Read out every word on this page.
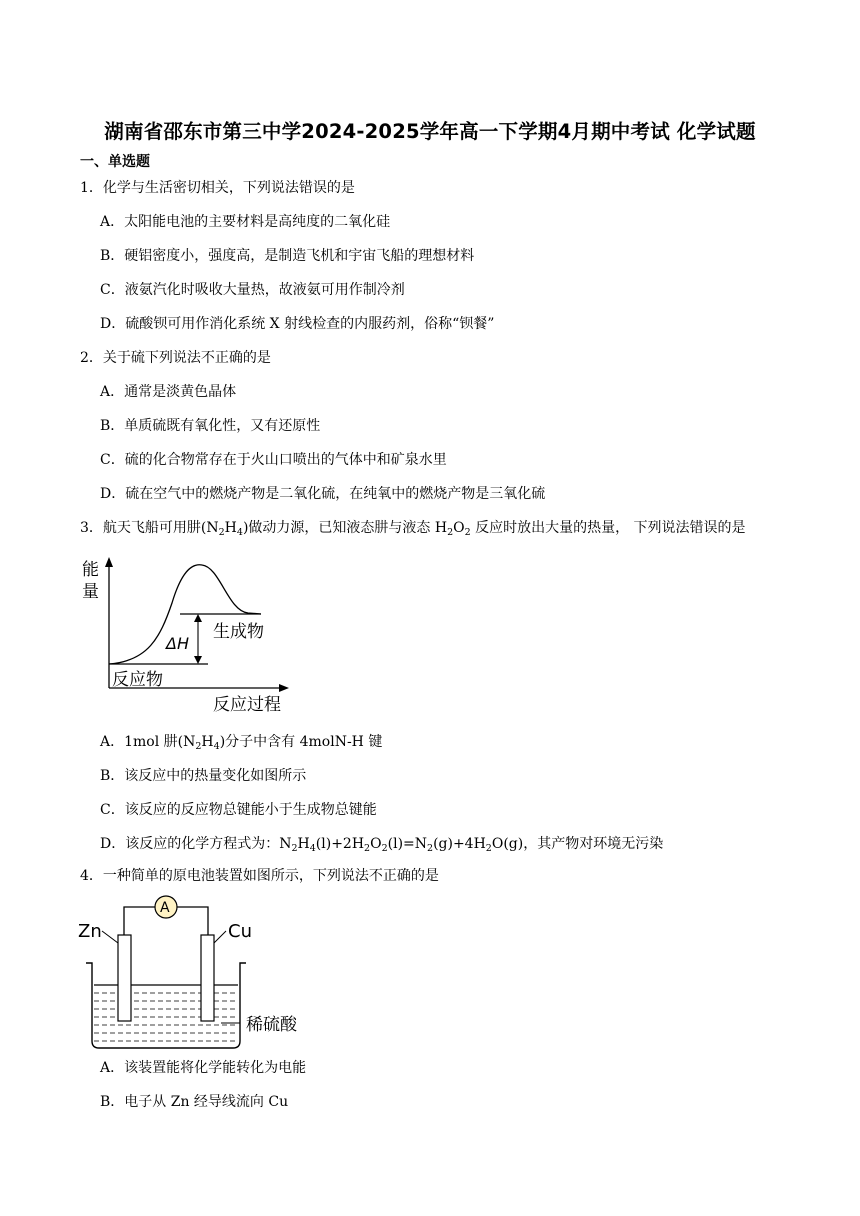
湖南省邵东市第三中学2024-2025学年高一下学期4月期中考试 化学试题
一、单选题
1．化学与生活密切相关，下列说法错误的是
A．太阳能电池的主要材料是高纯度的二氧化硅
B．硬铝密度小，强度高，是制造飞机和宇宙飞船的理想材料
C．液氨汽化时吸收大量热，故液氨可用作制冷剂
D．硫酸钡可用作消化系统 X 射线检查的内服药剂，俗称“钡餐”
2．关于硫下列说法不正确的是
A．通常是淡黄色晶体
B．单质硫既有氧化性，又有还原性
C．硫的化合物常存在于火山口喷出的气体中和矿泉水里
D．硫在空气中的燃烧产物是二氧化硫，在纯氧中的燃烧产物是三氧化硫
3．航天飞船可用肼$(N_2H_4)$做动力源，已知液态肼与液态 $H_2O_2$ 反应时放出大量的热量， 下列说法错误的是
能
量
ΔH
生成物
反应物
反应过程
A．1mol 肼$(N_2H_4)$分子中含有 4molN-H 键
B．该反应中的热量变化如图所示
C．该反应的反应物总键能小于生成物总键能
D．该反应的化学方程式为：$N_2H_4(l)+2H_2O_2(l)=N_2(g)+4H_2O(g)$，其产物对环境无污染
4．一种简单的原电池装置如图所示，下列说法不正确的是
A
Zn	Cu
稀硫酸
A．该装置能将化学能转化为电能
B．电子从 Zn 经导线流向 Cu
